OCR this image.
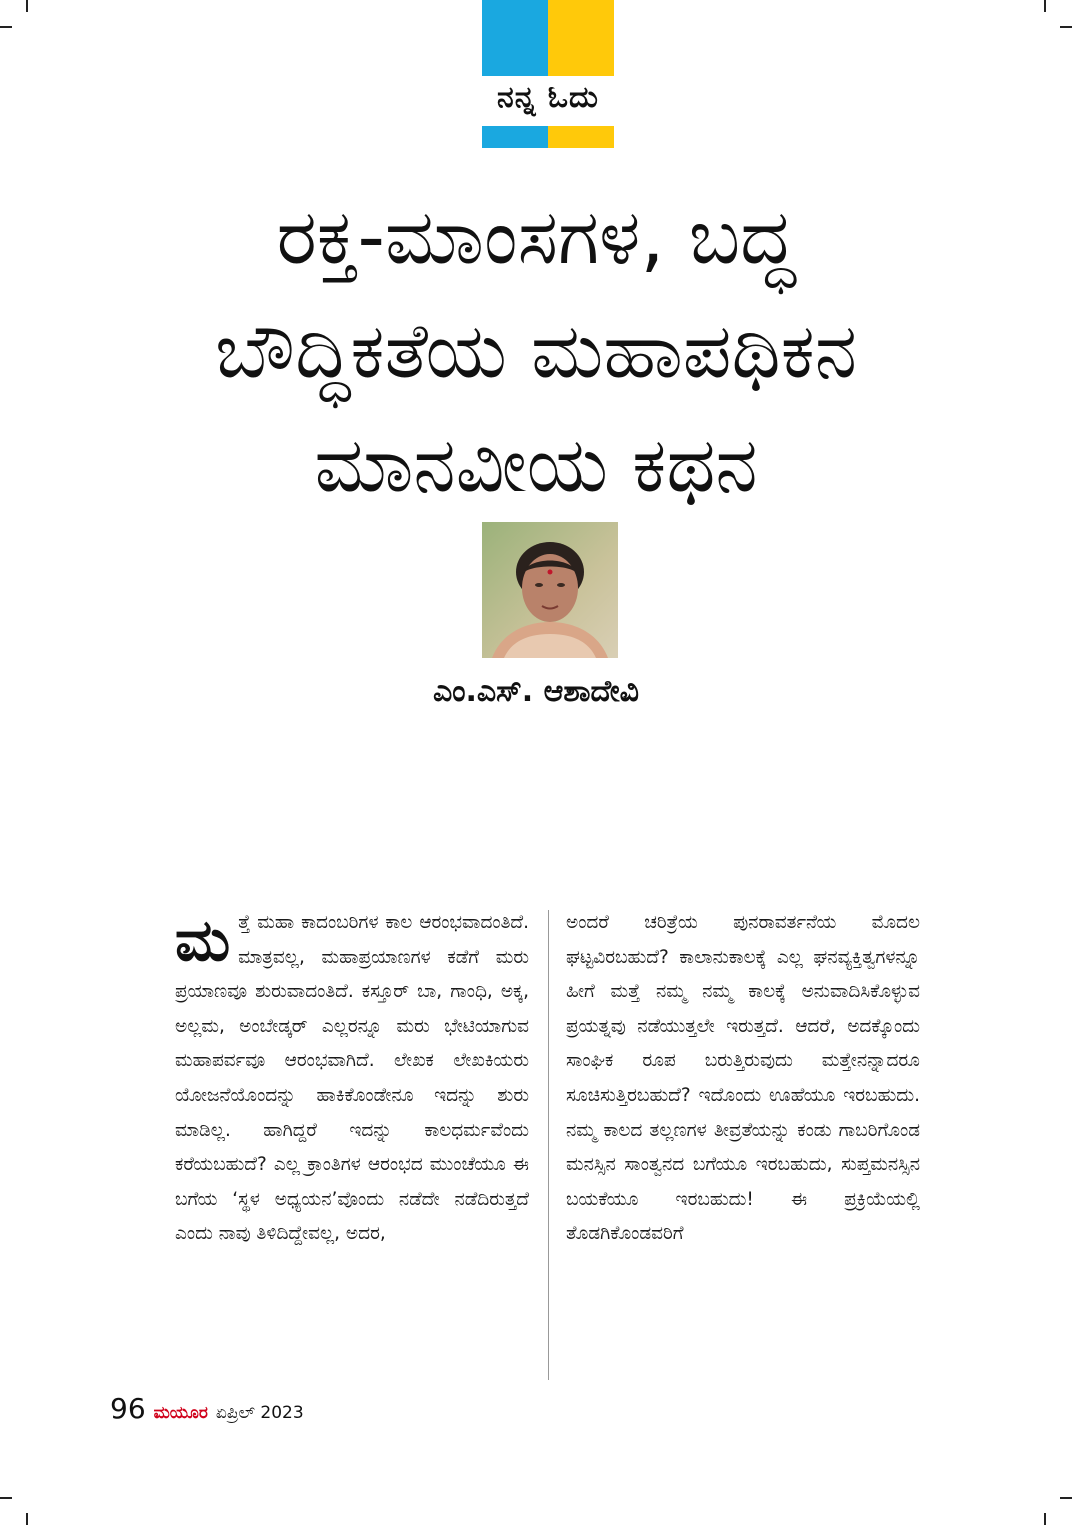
ನನ್ನ ಓದು
ರಕ್ತ-ಮಾಂಸಗಳ, ಬದ್ಧ ಬೌದ್ಧಿಕತೆಯ ಮಹಾಪಥಿಕನ ಮಾನವೀಯ ಕಥನ
ಎಂ.ಎಸ್. ಆಶಾದೇವಿ
ಮತ್ತೆ ಮಹಾ ಕಾದಂಬರಿಗಳ ಕಾಲ ಆರಂಭವಾದಂತಿದೆ. ಮಾತ್ರವಲ್ಲ, ಮಹಾಪ್ರಯಾಣಗಳ ಕಡೆಗೆ ಮರು ಪ್ರಯಾಣವೂ ಶುರುವಾದಂತಿದೆ. ಕಸ್ತೂರ್ ಬಾ, ಗಾಂಧಿ, ಅಕ್ಕ, ಅಲ್ಲಮ, ಅಂಬೇಡ್ಕರ್ ಎಲ್ಲರನ್ನೂ ಮರು ಭೇಟಿಯಾಗುವ ಮಹಾಪರ್ವವೂ ಆರಂಭವಾಗಿದೆ. ಲೇಖಕ ಲೇಖಕಿಯರು ಯೋಜನೆಯೊಂದನ್ನು ಹಾಕಿಕೊಂಡೇನೂ ಇದನ್ನು ಶುರು ಮಾಡಿಲ್ಲ. ಹಾಗಿದ್ದರೆ ಇದನ್ನು ಕಾಲಧರ್ಮವೆಂದು ಕರೆಯಬಹುದೆ? ಎಲ್ಲ ಕ್ರಾಂತಿಗಳ ಆರಂಭದ ಮುಂಚೆಯೂ ಈ ಬಗೆಯ ‘ಸ್ಥಳ ಅಧ್ಯಯನ’ವೊಂದು ನಡೆದೇ ನಡೆದಿರುತ್ತದೆ ಎಂದು ನಾವು ತಿಳಿದಿದ್ದೇವಲ್ಲ, ಅದರ,
ಅಂದರೆ ಚರಿತ್ರೆಯ ಪುನರಾವರ್ತನೆಯ ಮೊದಲ ಘಟ್ಟವಿರಬಹುದೆ? ಕಾಲಾನುಕಾಲಕ್ಕೆ ಎಲ್ಲ ಘನವ್ಯಕ್ತಿತ್ವಗಳನ್ನೂ ಹೀಗೆ ಮತ್ತೆ ನಮ್ಮ ನಮ್ಮ ಕಾಲಕ್ಕೆ ಅನುವಾದಿಸಿಕೊಳ್ಳುವ ಪ್ರಯತ್ನವು ನಡೆಯುತ್ತಲೇ ಇರುತ್ತದೆ. ಆದರೆ, ಅದಕ್ಕೊಂದು ಸಾಂಘಿಕ ರೂಪ ಬರುತ್ತಿರುವುದು ಮತ್ತೇನನ್ನಾದರೂ ಸೂಚಿಸುತ್ತಿರಬಹುದೆ? ಇದೊಂದು ಊಹೆಯೂ ಇರಬಹುದು. ನಮ್ಮ ಕಾಲದ ತಲ್ಲಣಗಳ ತೀವ್ರತೆಯನ್ನು ಕಂಡು ಗಾಬರಿಗೊಂಡ ಮನಸ್ಸಿನ ಸಾಂತ್ವನದ ಬಗೆಯೂ ಇರಬಹುದು, ಸುಪ್ತಮನಸ್ಸಿನ ಬಯಕೆಯೂ ಇರಬಹುದು! ಈ ಪ್ರಕ್ರಿಯೆಯಲ್ಲಿ ತೊಡಗಿಕೊಂಡವರಿಗೆ
96 ಮಯೂರ ಏಪ್ರಿಲ್ 2023
